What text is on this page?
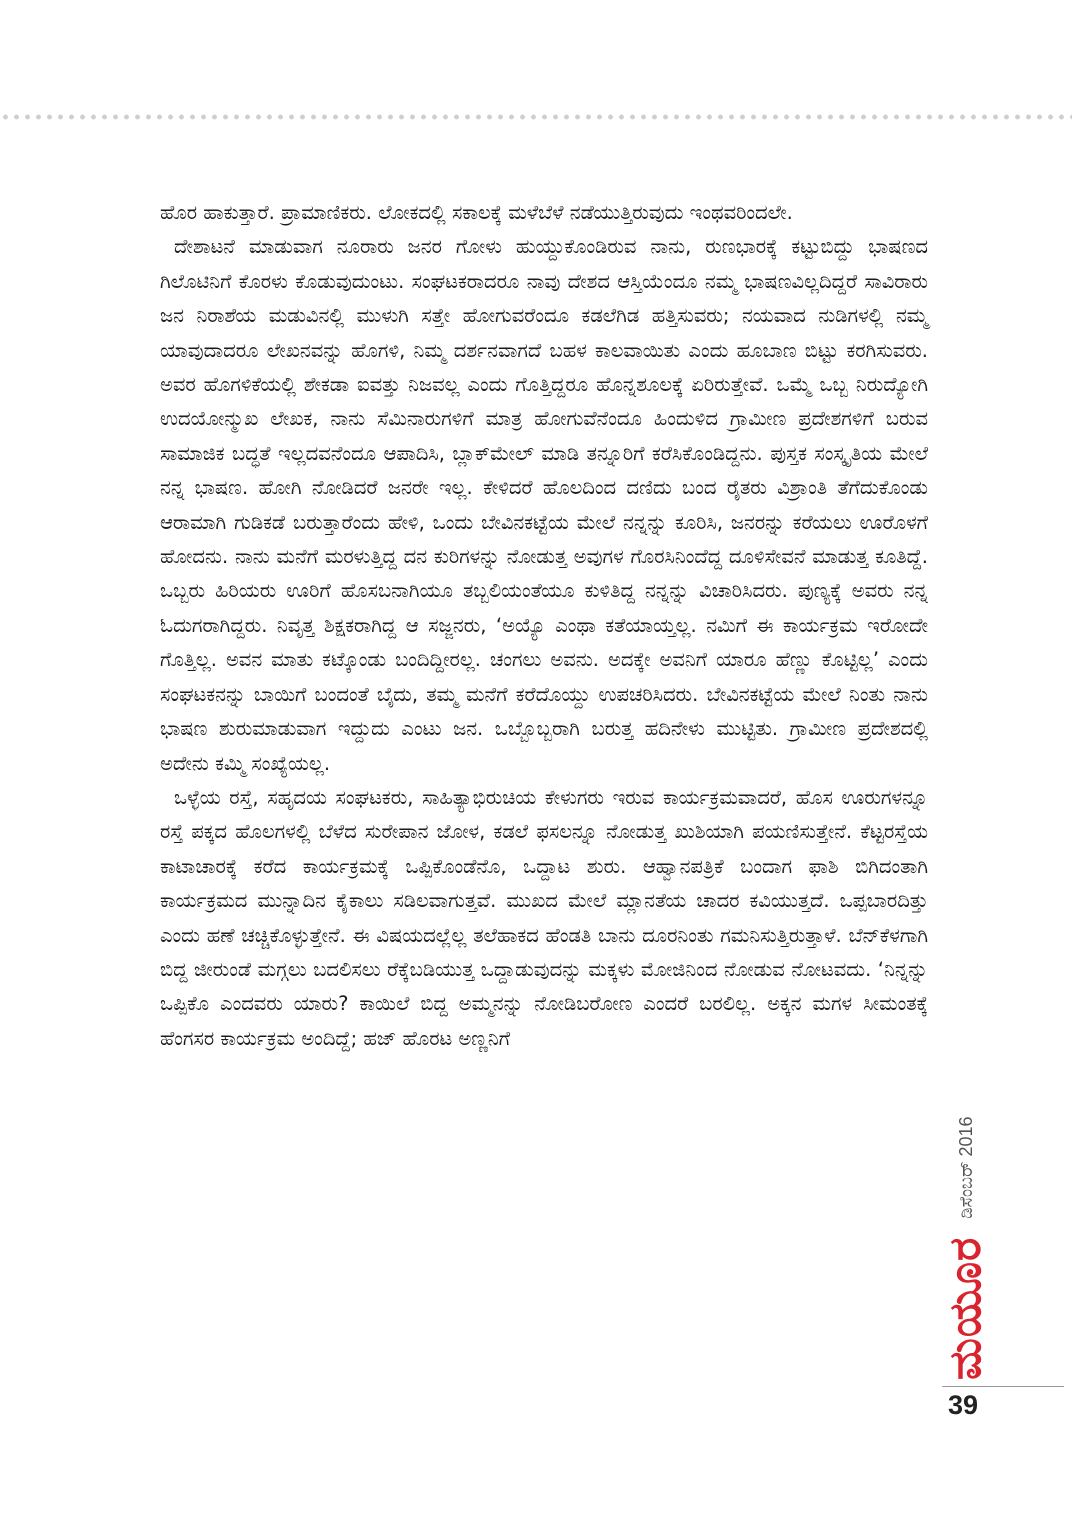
ಹೊರ ಹಾಕುತ್ತಾರೆ. ಪ್ರಾಮಾಣಿಕರು. ಲೋಕದಲ್ಲಿ ಸಕಾಲಕ್ಕೆ ಮಳೆಬೆಳೆ ನಡೆಯುತ್ತಿರುವುದು ಇಂಥವರಿಂದಲೇ.

ದೇಶಾಟನೆ ಮಾಡುವಾಗ ನೂರಾರು ಜನರ ಗೋಳು ಹುಯ್ದುಕೊಂಡಿರುವ ನಾನು, ರುಣಭಾರಕ್ಕೆ ಕಟ್ಟುಬಿದ್ದು ಭಾಷಣದ ಗಿಲೊಟಿನಿಗೆ ಕೊರಳು ಕೊಡುವುದುಂಟು. ಸಂಘಟಕರಾದರೂ ನಾವು ದೇಶದ ಆಸ್ತಿಯೆಂದೂ ನಮ್ಮ ಭಾಷಣವಿಲ್ಲದಿದ್ದರೆ ಸಾವಿರಾರು ಜನ ನಿರಾಶೆಯ ಮಡುವಿನಲ್ಲಿ ಮುಳುಗಿ ಸತ್ತೇ ಹೋಗುವರೆಂದೂ ಕಡಲೆಗಿಡ ಹತ್ತಿಸುವರು; ನಯವಾದ ನುಡಿಗಳಲ್ಲಿ ನಮ್ಮ ಯಾವುದಾದರೂ ಲೇಖನವನ್ನು ಹೊಗಳಿ, ನಿಮ್ಮ ದರ್ಶನವಾಗದೆ ಬಹಳ ಕಾಲವಾಯಿತು ಎಂದು ಹೂಬಾಣ ಬಿಟ್ಟು ಕರಗಿಸುವರು. ಅವರ ಹೊಗಳಿಕೆಯಲ್ಲಿ ಶೇಕಡಾ ಐವತ್ತು ನಿಜವಲ್ಲ ಎಂದು ಗೊತ್ತಿದ್ದರೂ ಹೊನ್ನಶೂಲಕ್ಕೆ ಏರಿರುತ್ತೇವೆ. ಒಮ್ಮೆ ಒಬ್ಬ ನಿರುದ್ಯೋಗಿ ಉದಯೋನ್ಮುಖ ಲೇಖಕ, ನಾನು ಸೆಮಿನಾರುಗಳಿಗೆ ಮಾತ್ರ ಹೋಗುವೆನೆಂದೂ ಹಿಂದುಳಿದ ಗ್ರಾಮೀಣ ಪ್ರದೇಶಗಳಿಗೆ ಬರುವ ಸಾಮಾಜಿಕ ಬದ್ಧತೆ ಇಲ್ಲದವನೆಂದೂ ಆಪಾದಿಸಿ, ಬ್ಲಾಕ್‌ಮೇಲ್ ಮಾಡಿ ತನ್ನೂರಿಗೆ ಕರೆಸಿಕೊಂಡಿದ್ದನು. ಪುಸ್ತಕ ಸಂಸ್ಕೃತಿಯ ಮೇಲೆ ನನ್ನ ಭಾಷಣ. ಹೋಗಿ ನೋಡಿದರೆ ಜನರೇ ಇಲ್ಲ. ಕೇಳಿದರೆ ಹೊಲದಿಂದ ದಣಿದು ಬಂದ ರೈತರು ವಿಶ್ರಾಂತಿ ತೆಗೆದುಕೊಂಡು ಆರಾಮಾಗಿ ಗುಡಿಕಡೆ ಬರುತ್ತಾರೆಂದು ಹೇಳಿ, ಒಂದು ಬೇವಿನಕಟ್ಟೆಯ ಮೇಲೆ ನನ್ನನ್ನು ಕೂರಿಸಿ, ಜನರನ್ನು ಕರೆಯಲು ಊರೊಳಗೆ ಹೋದನು. ನಾನು ಮನೆಗೆ ಮರಳುತ್ತಿದ್ದ ದನ ಕುರಿಗಳನ್ನು ನೋಡುತ್ತ ಅವುಗಳ ಗೊರಸಿನಿಂದೆದ್ದ ದೂಳಿಸೇವನೆ ಮಾಡುತ್ತ ಕೂತಿದ್ದೆ. ಒಬ್ಬರು ಹಿರಿಯರು ಊರಿಗೆ ಹೊಸಬನಾಗಿಯೂ ತಬ್ಬಲಿಯಂತೆಯೂ ಕುಳಿತಿದ್ದ ನನ್ನನ್ನು ವಿಚಾರಿಸಿದರು. ಪುಣ್ಯಕ್ಕೆ ಅವರು ನನ್ನ ಓದುಗರಾಗಿದ್ದರು. ನಿವೃತ್ತ ಶಿಕ್ಷಕರಾಗಿದ್ದ ಆ ಸಜ್ಜನರು, ‘ಅಯ್ಯೊ ಎಂಥಾ ಕತೆಯಾಯ್ತಲ್ಲ. ನಮಿಗೆ ಈ ಕಾರ್ಯಕ್ರಮ ಇರೋದೇ ಗೊತ್ತಿಲ್ಲ. ಅವನ ಮಾತು ಕಟ್ಕೊಂಡು ಬಂದಿದ್ದೀರಲ್ಲ. ಚಂಗಲು ಅವನು. ಅದಕ್ಕೇ ಅವನಿಗೆ ಯಾರೂ ಹೆಣ್ಣು ಕೊಟ್ಟಿಲ್ಲ’ ಎಂದು ಸಂಘಟಕನನ್ನು ಬಾಯಿಗೆ ಬಂದಂತೆ ಬೈದು, ತಮ್ಮ ಮನೆಗೆ ಕರೆದೊಯ್ದು ಉಪಚರಿಸಿದರು. ಬೇವಿನಕಟ್ಟೆಯ ಮೇಲೆ ನಿಂತು ನಾನು ಭಾಷಣ ಶುರುಮಾಡುವಾಗ ಇದ್ದುದು ಎಂಟು ಜನ. ಒಬ್ಬೊಬ್ಬರಾಗಿ ಬರುತ್ತ ಹದಿನೇಳು ಮುಟ್ಟಿತು. ಗ್ರಾಮೀಣ ಪ್ರದೇಶದಲ್ಲಿ ಅದೇನು ಕಮ್ಮಿ ಸಂಖ್ಯೆಯಲ್ಲ.

ಒಳ್ಳೆಯ ರಸ್ತೆ, ಸಹೃದಯ ಸಂಘಟಕರು, ಸಾಹಿತ್ಯಾಭಿರುಚಿಯ ಕೇಳುಗರು ಇರುವ ಕಾರ್ಯಕ್ರಮವಾದರೆ, ಹೊಸ ಊರುಗಳನ್ನೂ ರಸ್ತೆ ಪಕ್ಕದ ಹೊಲಗಳಲ್ಲಿ ಬೆಳೆದ ಸುರೇಪಾನ ಜೋಳ, ಕಡಲೆ ಫಸಲನ್ನೂ ನೋಡುತ್ತ ಖುಶಿಯಾಗಿ ಪಯಣಿಸುತ್ತೇನೆ. ಕೆಟ್ಟರಸ್ತೆಯ ಕಾಟಾಚಾರಕ್ಕೆ ಕರೆದ ಕಾರ್ಯಕ್ರಮಕ್ಕೆ ಒಪ್ಪಿಕೊಂಡೆನೊ, ಒದ್ದಾಟ ಶುರು. ಆಹ್ವಾನಪತ್ರಿಕೆ ಬಂದಾಗ ಫಾಶಿ ಬಿಗಿದಂತಾಗಿ ಕಾರ್ಯಕ್ರಮದ ಮುನ್ನಾದಿನ ಕೈಕಾಲು ಸಡಿಲವಾಗುತ್ತವೆ. ಮುಖದ ಮೇಲೆ ಮ್ಲಾನತೆಯ ಚಾದರ ಕವಿಯುತ್ತದೆ. ಒಪ್ಪಬಾರದಿತ್ತು ಎಂದು ಹಣೆ ಚಚ್ಚಿಕೊಳ್ಳುತ್ತೇನೆ. ಈ ವಿಷಯದಲ್ಲೆಲ್ಲ ತಲೆಹಾಕದ ಹೆಂಡತಿ ಬಾನು ದೂರನಿಂತು ಗಮನಿಸುತ್ತಿರುತ್ತಾಳೆ. ಬೆನ್‌ಕೆಳಗಾಗಿ ಬಿದ್ದ ಜೀರುಂಡೆ ಮಗ್ಗಲು ಬದಲಿಸಲು ರೆಕ್ಕೆಬಡಿಯುತ್ತ ಒದ್ದಾಡುವುದನ್ನು ಮಕ್ಕಳು ಮೋಜಿನಿಂದ ನೋಡುವ ನೋಟವದು. ‘ನಿನ್ನನ್ನು ಒಪ್ಪಿಕೊ ಎಂದವರು ಯಾರು? ಕಾಯಿಲೆ ಬಿದ್ದ ಅಮ್ಮನನ್ನು ನೋಡಿಬರೋಣ ಎಂದರೆ ಬರಲಿಲ್ಲ. ಅಕ್ಕನ ಮಗಳ ಸೀಮಂತಕ್ಕೆ ಹೆಂಗಸರ ಕಾರ್ಯಕ್ರಮ ಅಂದಿದ್ದೆ; ಹಜ್ ಹೊರಟ ಅಣ್ಣನಿಗೆ

ಮಯೂರ
ಡಿಸೆಂಬರ್ 2016
39
